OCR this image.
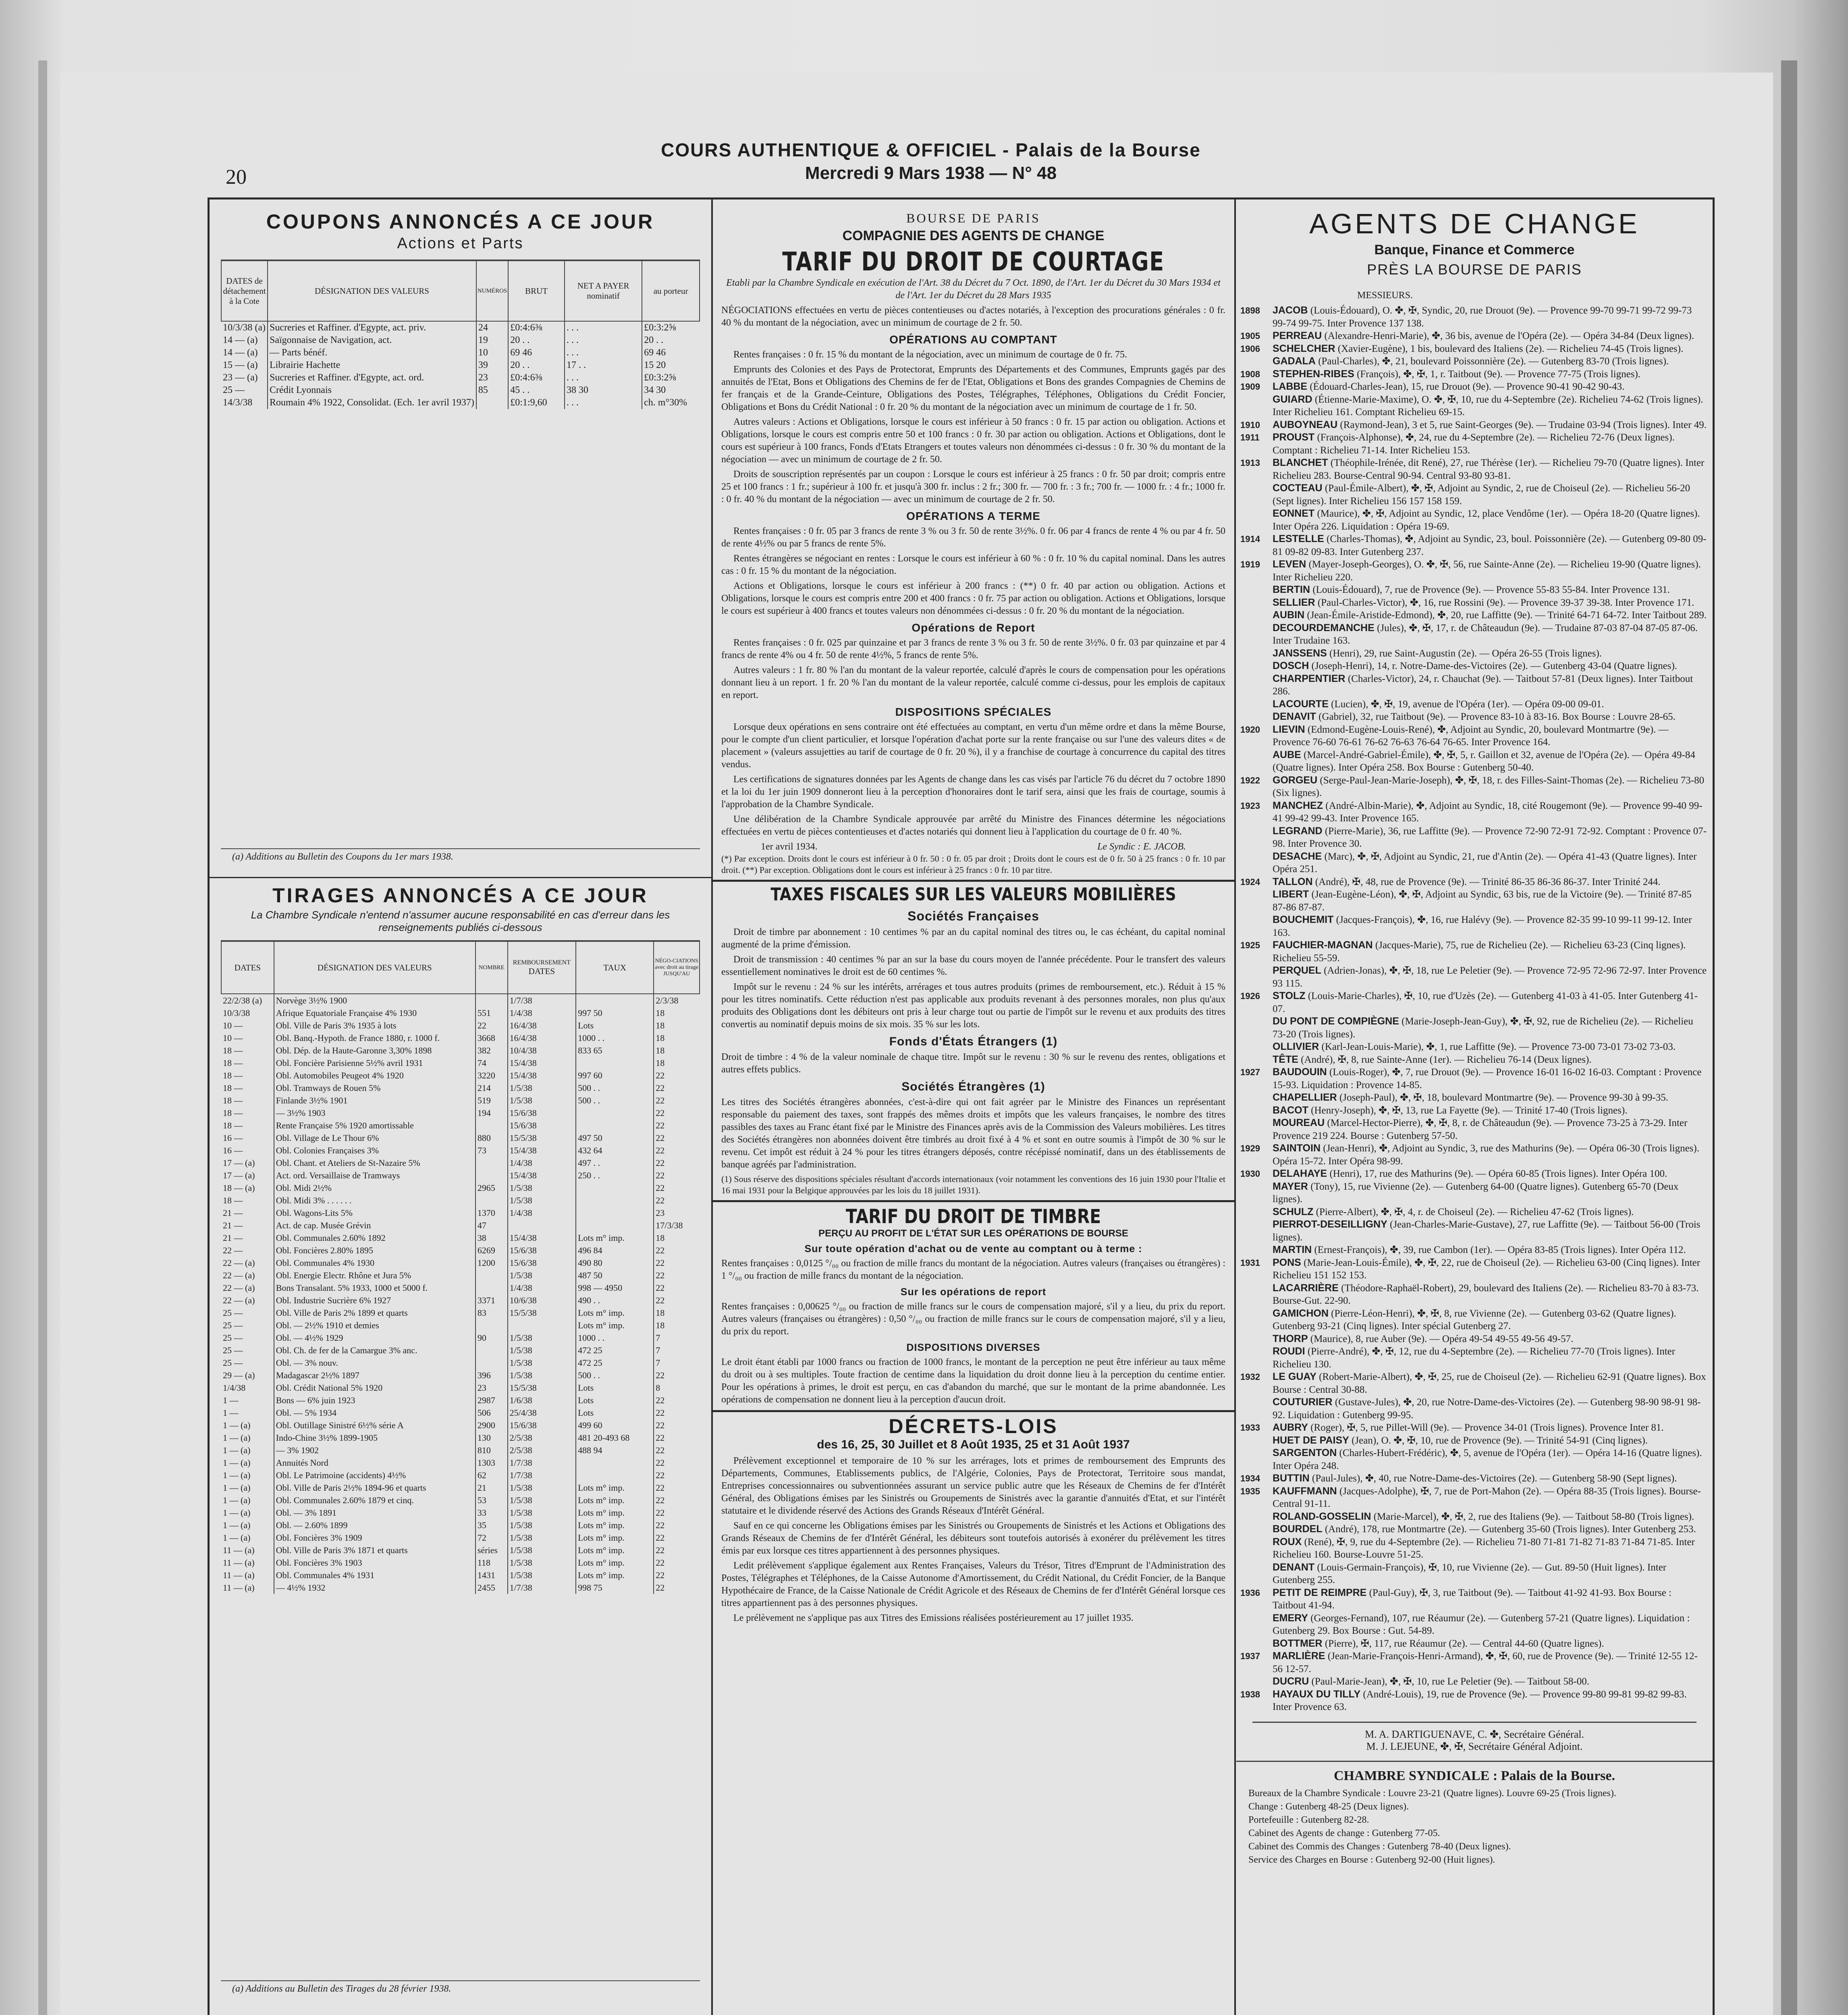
20
COURS AUTHENTIQUE & OFFICIEL - Palais de la Bourse
Mercredi 9 Mars 1938 — N° 48
COUPONS ANNONCÉS A CE JOUR
Actions et Parts
DATES de détachement à la Cote	DÉSIGNATION DES VALEURS	NUMÉROS	BRUT	NET A PAYER
nominatif	au porteur
10/3/38 (a)	Sucreries et Raffiner. d'Egypte, act. priv.	24	£0:4:6⅜	. . .	£0:3:2⅝
14 — (a)	Saïgonnaise de Navigation, act.	19	20 . .	. . .	20 . .
14 — (a)	— Parts bénéf.	10	69 46	. . .	69 46
15 — (a)	Librairie Hachette	39	20 . .	17 . .	15 20
23 — (a)	Sucreries et Raffiner. d'Egypte, act. ord.	23	£0:4:6⅜	. . .	£0:3:2⅝
25 —	Crédit Lyonnais	85	45 . .	38 30	34 30
14/3/38	Roumain 4% 1922, Consolidat. (Ech. 1er avril 1937)		£0:1:9,60	. . .	ch. m°30%
(a) Additions au Bulletin des Coupons du 1er mars 1938.
TIRAGES ANNONCÉS A CE JOUR
La Chambre Syndicale n'entend n'assumer aucune responsabilité en cas d'erreur dans les renseignements publiés ci-dessous
DATES	DÉSIGNATION DES VALEURS	NOMBRE	REMBOURSEMENT
DATES	TAUX	NÉGO-CIATIONS avec droit au tirage JUSQU'AU
22/2/38 (a)	Norvège 3½% 1900		1/7/38		2/3/38
10/3/38	Afrique Equatoriale Française 4% 1930	551	1/4/38	997 50	18
10 —	Obl. Ville de Paris 3% 1935 à lots	22	16/4/38	Lots	18
10 —	Obl. Banq.-Hypoth. de France 1880, r. 1000 f.	3668	16/4/38	1000 . .	18
18 —	Obl. Dép. de la Haute-Garonne 3,30% 1898	382	10/4/38	833 65	18
18 —	Obl. Foncière Parisienne 5½% avril 1931	74	15/4/38		18
18 —	Obl. Automobiles Peugeot 4% 1920	3220	15/4/38	997 60	22
18 —	Obl. Tramways de Rouen 5%	214	1/5/38	500 . .	22
18 —	Finlande 3½% 1901	519	1/5/38	500 . .	22
18 —	— 3½% 1903	194	15/6/38		22
18 —	Rente Française 5% 1920 amortissable		15/6/38		22
16 —	Obl. Village de Le Thour 6%	880	15/5/38	497 50	22
16 —	Obl. Colonies Françaises 3%	73	15/4/38	432 64	22
17 — (a)	Obl. Chant. et Ateliers de St-Nazaire 5%		1/4/38	497 . .	22
17 — (a)	Act. ord. Versaillaise de Tramways		15/4/38	250 . .	22
18 — (a)	Obl. Midi 2½%	2965	1/5/38		22
18 —	Obl. Midi 3% . . . . . .		1/5/38		22
21 —	Obl. Wagons-Lits 5%	1370	1/4/38		23
21 —	Act. de cap. Musée Grévin	47			17/3/38
21 —	Obl. Communales 2.60% 1892	38	15/4/38	Lots m° imp.	18
22 —	Obl. Foncières 2.80% 1895	6269	15/6/38	496 84	22
22 — (a)	Obl. Communales 4% 1930	1200	15/6/38	490 80	22
22 — (a)	Obl. Energie Electr. Rhône et Jura 5%		1/5/38	487 50	22
22 — (a)	Bons Transalant. 5% 1933, 1000 et 5000 f.		1/4/38	998 — 4950	22
22 — (a)	Obl. Industrie Sucrière 6% 1927	3371	10/6/38	490 . .	22
25 —	Obl. Ville de Paris 2% 1899 et quarts	83	15/5/38	Lots m° imp.	18
25 —	Obl. — 2½% 1910 et demies			Lots m° imp.	18
25 —	Obl. — 4½% 1929	90	1/5/38	1000 . .	7
25 —	Obl. Ch. de fer de la Camargue 3% anc.		1/5/38	472 25	7
25 —	Obl. — 3% nouv.		1/5/38	472 25	7
29 — (a)	Madagascar 2½% 1897	396	1/5/38	500 . .	22
1/4/38	Obl. Crédit National 5% 1920	23	15/5/38	Lots	8
1 —	Bons — 6% juin 1923	2987	1/6/38	Lots	22
1 —	Obl. — 5% 1934	506	25/4/38	Lots	22
1 — (a)	Obl. Outillage Sinistré 6½% série A	2900	15/6/38	499 60	22
1 — (a)	Indo-Chine 3½% 1899-1905	130	2/5/38	481 20-493 68	22
1 — (a)	— 3% 1902	810	2/5/38	488 94	22
1 — (a)	Annuités Nord	1303	1/7/38		22
1 — (a)	Obl. Le Patrimoine (accidents) 4½%	62	1/7/38		22
1 — (a)	Obl. Ville de Paris 2½% 1894-96 et quarts	21	1/5/38	Lots m° imp.	22
1 — (a)	Obl. Communales 2.60% 1879 et cinq.	53	1/5/38	Lots m° imp.	22
1 — (a)	Obl. — 3% 1891	33	1/5/38	Lots m° imp.	22
1 — (a)	Obl. — 2.60% 1899	35	1/5/38	Lots m° imp.	22
1 — (a)	Obl. Foncières 3% 1909	72	1/5/38	Lots m° imp.	22
11 — (a)	Obl. Ville de Paris 3% 1871 et quarts	séries	1/5/38	Lots m° imp.	22
11 — (a)	Obl. Foncières 3% 1903	118	1/5/38	Lots m° imp.	22
11 — (a)	Obl. Communales 4% 1931	1431	1/5/38	Lots m° imp.	22
11 — (a)	— 4½% 1932	2455	1/7/38	998 75	22
(a) Additions au Bulletin des Tirages du 28 février 1938.
BOURSE DE PARIS
COMPAGNIE DES AGENTS DE CHANGE
TARIF DU DROIT DE COURTAGE
Etabli par la Chambre Syndicale en exécution de l'Art. 38 du Décret du 7 Oct. 1890, de l'Art. 1er du Décret du 30 Mars 1934 et de l'Art. 1er du Décret du 28 Mars 1935
NÉGOCIATIONS effectuées en vertu de pièces contentieuses ou d'actes notariés, à l'exception des procurations générales : 0 fr. 40 % du montant de la négociation, avec un minimum de courtage de 2 fr. 50.
OPÉRATIONS AU COMPTANT

Rentes françaises : 0 fr. 15 % du montant de la négociation, avec un minimum de courtage de 0 fr. 75.

Emprunts des Colonies et des Pays de Protectorat, Emprunts des Départements et des Communes, Emprunts gagés par des annuités de l'Etat, Bons et Obligations des Chemins de fer de l'Etat, Obligations et Bons des grandes Compagnies de Chemins de fer français et de la Grande-Ceinture, Obligations des Postes, Télégraphes, Téléphones, Obligations du Crédit Foncier, Obligations et Bons du Crédit National : 0 fr. 20 % du montant de la négociation avec un minimum de courtage de 1 fr. 50.

Autres valeurs : Actions et Obligations, lorsque le cours est inférieur à 50 francs : 0 fr. 15 par action ou obligation. Actions et Obligations, lorsque le cours est compris entre 50 et 100 francs : 0 fr. 30 par action ou obligation. Actions et Obligations, dont le cours est supérieur à 100 francs, Fonds d'Etats Etrangers et toutes valeurs non dénommées ci-dessus : 0 fr. 30 % du montant de la négociation — avec un minimum de courtage de 2 fr. 50.

Droits de souscription représentés par un coupon : Lorsque le cours est inférieur à 25 francs : 0 fr. 50 par droit; compris entre 25 et 100 francs : 1 fr.; supérieur à 100 fr. et jusqu'à 300 fr. inclus : 2 fr.; 300 fr. — 700 fr. : 3 fr.; 700 fr. — 1000 fr. : 4 fr.; 1000 fr. : 0 fr. 40 % du montant de la négociation — avec un minimum de courtage de 2 fr. 50.

OPÉRATIONS A TERME

Rentes françaises : 0 fr. 05 par 3 francs de rente 3 % ou 3 fr. 50 de rente 3½%. 0 fr. 06 par 4 francs de rente 4 % ou par 4 fr. 50 de rente 4½% ou par 5 francs de rente 5%.

Rentes étrangères se négociant en rentes : Lorsque le cours est inférieur à 60 % : 0 fr. 10 % du capital nominal. Dans les autres cas : 0 fr. 15 % du montant de la négociation.

Actions et Obligations, lorsque le cours est inférieur à 200 francs : (**) 0 fr. 40 par action ou obligation. Actions et Obligations, lorsque le cours est compris entre 200 et 400 francs : 0 fr. 75 par action ou obligation. Actions et Obligations, lorsque le cours est supérieur à 400 francs et toutes valeurs non dénommées ci-dessus : 0 fr. 20 % du montant de la négociation.

Opérations de Report

Rentes françaises : 0 fr. 025 par quinzaine et par 3 francs de rente 3 % ou 3 fr. 50 de rente 3½%. 0 fr. 03 par quinzaine et par 4 francs de rente 4% ou 4 fr. 50 de rente 4½%, 5 francs de rente 5%.

Autres valeurs : 1 fr. 80 % l'an du montant de la valeur reportée, calculé d'après le cours de compensation pour les opérations donnant lieu à un report. 1 fr. 20 % l'an du montant de la valeur reportée, calculé comme ci-dessus, pour les emplois de capitaux en report.

DISPOSITIONS SPÉCIALES

Lorsque deux opérations en sens contraire ont été effectuées au comptant, en vertu d'un même ordre et dans la même Bourse, pour le compte d'un client particulier, et lorsque l'opération d'achat porte sur la rente française ou sur l'une des valeurs dites « de placement » (valeurs assujetties au tarif de courtage de 0 fr. 20 %), il y a franchise de courtage à concurrence du capital des titres vendus.

Les certifications de signatures données par les Agents de change dans les cas visés par l'article 76 du décret du 7 octobre 1890 et la loi du 1er juin 1909 donneront lieu à la perception d'honoraires dont le tarif sera, ainsi que les frais de courtage, soumis à l'approbation de la Chambre Syndicale.

Une délibération de la Chambre Syndicale approuvée par arrêté du Ministre des Finances détermine les négociations effectuées en vertu de pièces contentieuses et d'actes notariés qui donnent lieu à l'application du courtage de 0 fr. 40 %.

1er avril 1934.	Le Syndic : E. JACOB.
(*) Par exception. Droits dont le cours est inférieur à 0 fr. 50 : 0 fr. 05 par droit ; Droits dont le cours est de 0 fr. 50 à 25 francs : 0 fr. 10 par droit. (**) Par exception. Obligations dont le cours est inférieur à 25 francs : 0 fr. 10 par titre.
TAXES FISCALES SUR LES VALEURS MOBILIÈRES
Sociétés Françaises

Droit de timbre par abonnement : 10 centimes % par an du capital nominal des titres ou, le cas échéant, du capital nominal augmenté de la prime d'émission.

Droit de transmission : 40 centimes % par an sur la base du cours moyen de l'année précédente. Pour le transfert des valeurs essentiellement nominatives le droit est de 60 centimes %.

Impôt sur le revenu : 24 % sur les intérêts, arrérages et tous autres produits (primes de remboursement, etc.). Réduit à 15 % pour les titres nominatifs. Cette réduction n'est pas applicable aux produits revenant à des personnes morales, non plus qu'aux produits des Obligations dont les débiteurs ont pris à leur charge tout ou partie de l'impôt sur le revenu et aux produits des titres convertis au nominatif depuis moins de six mois. 35 % sur les lots.

Fonds d'États Étrangers (1)
Droit de timbre : 4 % de la valeur nominale de chaque titre. Impôt sur le revenu : 30 % sur le revenu des rentes, obligations et autres effets publics.
Sociétés Étrangères (1)
Les titres des Sociétés étrangères abonnées, c'est-à-dire qui ont fait agréer par le Ministre des Finances un représentant responsable du paiement des taxes, sont frappés des mêmes droits et impôts que les valeurs françaises, le nombre des titres passibles des taxes au Franc étant fixé par le Ministre des Finances après avis de la Commission des Valeurs mobilières. Les titres des Sociétés étrangères non abonnées doivent être timbrés au droit fixé à 4 % et sont en outre soumis à l'impôt de 30 % sur le revenu. Cet impôt est réduit à 24 % pour les titres étrangers déposés, contre récépissé nominatif, dans un des établissements de banque agréés par l'administration.
(1) Sous réserve des dispositions spéciales résultant d'accords internationaux (voir notamment les conventions des 16 juin 1930 pour l'Italie et 16 mai 1931 pour la Belgique approuvées par les lois du 18 juillet 1931).
TARIF DU DROIT DE TIMBRE
PERÇU AU PROFIT DE L'ÉTAT SUR LES OPÉRATIONS DE BOURSE
Sur toute opération d'achat ou de vente au comptant ou à terme :
Rentes françaises : 0,0125 °/₀₀ ou fraction de mille francs du montant de la négociation. Autres valeurs (françaises ou étrangères) : 1 °/₀₀ ou fraction de mille francs du montant de la négociation.
Sur les opérations de report
Rentes françaises : 0,00625 °/₀₀ ou fraction de mille francs sur le cours de compensation majoré, s'il y a lieu, du prix du report. Autres valeurs (françaises ou étrangères) : 0,50 °/₀₀ ou fraction de mille francs sur le cours de compensation majoré, s'il y a lieu, du prix du report.
DISPOSITIONS DIVERSES
Le droit étant établi par 1000 francs ou fraction de 1000 francs, le montant de la perception ne peut être inférieur au taux même du droit ou à ses multiples. Toute fraction de centime dans la liquidation du droit donne lieu à la perception du centime entier. Pour les opérations à primes, le droit est perçu, en cas d'abandon du marché, que sur le montant de la prime abandonnée. Les opérations de compensation ne donnent lieu à la perception d'aucun droit.
DÉCRETS-LOIS
des 16, 25, 30 Juillet et 8 Août 1935, 25 et 31 Août 1937

Prélèvement exceptionnel et temporaire de 10 % sur les arrérages, lots et primes de remboursement des Emprunts des Départements, Communes, Etablissements publics, de l'Algérie, Colonies, Pays de Protectorat, Territoire sous mandat, Entreprises concessionnaires ou subventionnées assurant un service public autre que les Réseaux de Chemins de fer d'Intérêt Général, des Obligations émises par les Sinistrés ou Groupements de Sinistrés avec la garantie d'annuités d'Etat, et sur l'intérêt statutaire et le dividende réservé des Actions des Grands Réseaux d'Intérêt Général.

Sauf en ce qui concerne les Obligations émises par les Sinistrés ou Groupements de Sinistrés et les Actions et Obligations des Grands Réseaux de Chemins de fer d'Intérêt Général, les débiteurs sont toutefois autorisés à exonérer du prélèvement les titres émis par eux lorsque ces titres appartiennent à des personnes physiques.

Ledit prélèvement s'applique également aux Rentes Françaises, Valeurs du Trésor, Titres d'Emprunt de l'Administration des Postes, Télégraphes et Téléphones, de la Caisse Autonome d'Amortissement, du Crédit National, du Crédit Foncier, de la Banque Hypothécaire de France, de la Caisse Nationale de Crédit Agricole et des Réseaux de Chemins de fer d'Intérêt Général lorsque ces titres appartiennent pas à des personnes physiques.

Le prélèvement ne s'applique pas aux Titres des Emissions réalisées postérieurement au 17 juillet 1935.

AGENTS DE CHANGE
Banque, Finance et Commerce
PRÈS LA BOURSE DE PARIS
MESSIEURS.
1898	JACOB (Louis-Édouard), O. ✤, ✠, Syndic, 20, rue Drouot (9e). — Provence 99-70 99-71 99-72 99-73 99-74 99-75. Inter Provence 137 138.
1905	PERREAU (Alexandre-Henri-Marie), ✤, 36 bis, avenue de l'Opéra (2e). — Opéra 34-84 (Deux lignes).
1906	SCHELCHER (Xavier-Eugène), 1 bis, boulevard des Italiens (2e). — Richelieu 74-45 (Trois lignes).
GADALA (Paul-Charles), ✤, 21, boulevard Poissonnière (2e). — Gutenberg 83-70 (Trois lignes).
1908	STEPHEN-RIBES (François), ✤, ✠, 1, r. Taitbout (9e). — Provence 77-75 (Trois lignes).
1909	LABBE (Édouard-Charles-Jean), 15, rue Drouot (9e). — Provence 90-41 90-42 90-43.
GUIARD (Étienne-Marie-Maxime), O. ✤, ✠, 10, rue du 4-Septembre (2e). Richelieu 74-62 (Trois lignes). Inter Richelieu 161. Comptant Richelieu 69-15.
1910	AUBOYNEAU (Raymond-Jean), 3 et 5, rue Saint-Georges (9e). — Trudaine 03-94 (Trois lignes). Inter 49.
1911	PROUST (François-Alphonse), ✤, 24, rue du 4-Septembre (2e). — Richelieu 72-76 (Deux lignes). Comptant : Richelieu 71-14. Inter Richelieu 153.
1913	BLANCHET (Théophile-Irénée, dit René), 27, rue Thérèse (1er). — Richelieu 79-70 (Quatre lignes). Inter Richelieu 283. Bourse-Central 90-94. Central 93-80 93-81.
COCTEAU (Paul-Émile-Albert), ✤, ✠, Adjoint au Syndic, 2, rue de Choiseul (2e). — Richelieu 56-20 (Sept lignes). Inter Richelieu 156 157 158 159.
EONNET (Maurice), ✤, ✠, Adjoint au Syndic, 12, place Vendôme (1er). — Opéra 18-20 (Quatre lignes). Inter Opéra 226. Liquidation : Opéra 19-69.
1914	LESTELLE (Charles-Thomas), ✤, Adjoint au Syndic, 23, boul. Poissonnière (2e). — Gutenberg 09-80 09-81 09-82 09-83. Inter Gutenberg 237.
1919	LEVEN (Mayer-Joseph-Georges), O. ✤, ✠, 56, rue Sainte-Anne (2e). — Richelieu 19-90 (Quatre lignes). Inter Richelieu 220.
BERTIN (Louis-Édouard), 7, rue de Provence (9e). — Provence 55-83 55-84. Inter Provence 131.
SELLIER (Paul-Charles-Victor), ✤, 16, rue Rossini (9e). — Provence 39-37 39-38. Inter Provence 171.
AUBIN (Jean-Émile-Aristide-Edmond), ✤, 20, rue Laffitte (9e). — Trinité 64-71 64-72. Inter Taitbout 289.
DECOURDEMANCHE (Jules), ✤, ✠, 17, r. de Châteaudun (9e). — Trudaine 87-03 87-04 87-05 87-06. Inter Trudaine 163.
JANSSENS (Henri), 29, rue Saint-Augustin (2e). — Opéra 26-55 (Trois lignes).
DOSCH (Joseph-Henri), 14, r. Notre-Dame-des-Victoires (2e). — Gutenberg 43-04 (Quatre lignes).
CHARPENTIER (Charles-Victor), 24, r. Chauchat (9e). — Taitbout 57-81 (Deux lignes). Inter Taitbout 286.
LACOURTE (Lucien), ✤, ✠, 19, avenue de l'Opéra (1er). — Opéra 09-00 09-01.
DENAVIT (Gabriel), 32, rue Taitbout (9e). — Provence 83-10 à 83-16. Box Bourse : Louvre 28-65.
1920	LIEVIN (Edmond-Eugène-Louis-René), ✤, Adjoint au Syndic, 20, boulevard Montmartre (9e). — Provence 76-60 76-61 76-62 76-63 76-64 76-65. Inter Provence 164.
AUBE (Marcel-André-Gabriel-Émile), ✤, ✠, 5, r. Gaillon et 32, avenue de l'Opéra (2e). — Opéra 49-84 (Quatre lignes). Inter Opéra 258. Box Bourse : Gutenberg 50-40.
1922	GORGEU (Serge-Paul-Jean-Marie-Joseph), ✤, ✠, 18, r. des Filles-Saint-Thomas (2e). — Richelieu 73-80 (Six lignes).
1923	MANCHEZ (André-Albin-Marie), ✤, Adjoint au Syndic, 18, cité Rougemont (9e). — Provence 99-40 99-41 99-42 99-43. Inter Provence 165.
LEGRAND (Pierre-Marie), 36, rue Laffitte (9e). — Provence 72-90 72-91 72-92. Comptant : Provence 07-98. Inter Provence 30.
DESACHE (Marc), ✤, ✠, Adjoint au Syndic, 21, rue d'Antin (2e). — Opéra 41-43 (Quatre lignes). Inter Opéra 251.
1924	TALLON (André), ✠, 48, rue de Provence (9e). — Trinité 86-35 86-36 86-37. Inter Trinité 244.
LIBERT (Jean-Eugène-Léon), ✤, ✠, Adjoint au Syndic, 63 bis, rue de la Victoire (9e). — Trinité 87-85 87-86 87-87.
BOUCHEMIT (Jacques-François), ✤, 16, rue Halévy (9e). — Provence 82-35 99-10 99-11 99-12. Inter 163.
1925	FAUCHIER-MAGNAN (Jacques-Marie), 75, rue de Richelieu (2e). — Richelieu 63-23 (Cinq lignes). Richelieu 55-59.
PERQUEL (Adrien-Jonas), ✤, ✠, 18, rue Le Peletier (9e). — Provence 72-95 72-96 72-97. Inter Provence 93 115.
1926	STOLZ (Louis-Marie-Charles), ✠, 10, rue d'Uzès (2e). — Gutenberg 41-03 à 41-05. Inter Gutenberg 41-07.
DU PONT DE COMPIÈGNE (Marie-Joseph-Jean-Guy), ✤, ✠, 92, rue de Richelieu (2e). — Richelieu 73-20 (Trois lignes).
OLLIVIER (Karl-Jean-Louis-Marie), ✤, 1, rue Laffitte (9e). — Provence 73-00 73-01 73-02 73-03.
TÊTE (André), ✠, 8, rue Sainte-Anne (1er). — Richelieu 76-14 (Deux lignes).
1927	BAUDOUIN (Louis-Roger), ✤, 7, rue Drouot (9e). — Provence 16-01 16-02 16-03. Comptant : Provence 15-93. Liquidation : Provence 14-85.
CHAPELLIER (Joseph-Paul), ✤, ✠, 18, boulevard Montmartre (9e). — Provence 99-30 à 99-35.
BACOT (Henry-Joseph), ✤, ✠, 13, rue La Fayette (9e). — Trinité 17-40 (Trois lignes).
MOUREAU (Marcel-Hector-Pierre), ✤, ✠, 8, r. de Châteaudun (9e). — Provence 73-25 à 73-29. Inter Provence 219 224. Bourse : Gutenberg 57-50.
1929	SAINTOIN (Jean-Henri), ✤, Adjoint au Syndic, 3, rue des Mathurins (9e). — Opéra 06-30 (Trois lignes). Opéra 15-72. Inter Opéra 98-99.
1930	DELAHAYE (Henri), 17, rue des Mathurins (9e). — Opéra 60-85 (Trois lignes). Inter Opéra 100.
MAYER (Tony), 15, rue Vivienne (2e). — Gutenberg 64-00 (Quatre lignes). Gutenberg 65-70 (Deux lignes).
SCHULZ (Pierre-Albert), ✤, ✠, 4, r. de Choiseul (2e). — Richelieu 47-62 (Trois lignes).
PIERROT-DESEILLIGNY (Jean-Charles-Marie-Gustave), 27, rue Laffitte (9e). — Taitbout 56-00 (Trois lignes).
MARTIN (Ernest-François), ✤, 39, rue Cambon (1er). — Opéra 83-85 (Trois lignes). Inter Opéra 112.
1931	PONS (Marie-Jean-Louis-Émile), ✤, ✠, 22, rue de Choiseul (2e). — Richelieu 63-00 (Cinq lignes). Inter Richelieu 151 152 153.
LACARRIÈRE (Théodore-Raphaël-Robert), 29, boulevard des Italiens (2e). — Richelieu 83-70 à 83-73. Bourse-Gut. 22-90.
GAMICHON (Pierre-Léon-Henri), ✤, ✠, 8, rue Vivienne (2e). — Gutenberg 03-62 (Quatre lignes). Gutenberg 93-21 (Cinq lignes). Inter spécial Gutenberg 27.
THORP (Maurice), 8, rue Auber (9e). — Opéra 49-54 49-55 49-56 49-57.
ROUDI (Pierre-André), ✤, ✠, 12, rue du 4-Septembre (2e). — Richelieu 77-70 (Trois lignes). Inter Richelieu 130.
1932	LE GUAY (Robert-Marie-Albert), ✤, ✠, 25, rue de Choiseul (2e). — Richelieu 62-91 (Quatre lignes). Box Bourse : Central 30-88.
COUTURIER (Gustave-Jules), ✤, 20, rue Notre-Dame-des-Victoires (2e). — Gutenberg 98-90 98-91 98-92. Liquidation : Gutenberg 99-95.
1933	AUBRY (Roger), ✠, 5, rue Pillet-Will (9e). — Provence 34-01 (Trois lignes). Provence Inter 81.
HUET DE PAISY (Jean), O. ✤, ✠, 10, rue de Provence (9e). — Trinité 54-91 (Cinq lignes).
SARGENTON (Charles-Hubert-Frédéric), ✤, 5, avenue de l'Opéra (1er). — Opéra 14-16 (Quatre lignes). Inter Opéra 248.
1934	BUTTIN (Paul-Jules), ✤, 40, rue Notre-Dame-des-Victoires (2e). — Gutenberg 58-90 (Sept lignes).
1935	KAUFFMANN (Jacques-Adolphe), ✠, 7, rue de Port-Mahon (2e). — Opéra 88-35 (Trois lignes). Bourse-Central 91-11.
ROLAND-GOSSELIN (Marie-Marcel), ✤, ✠, 2, rue des Italiens (9e). — Taitbout 58-80 (Trois lignes).
BOURDEL (André), 178, rue Montmartre (2e). — Gutenberg 35-60 (Trois lignes). Inter Gutenberg 253.
ROUX (René), ✠, 9, rue du 4-Septembre (2e). — Richelieu 71-80 71-81 71-82 71-83 71-84 71-85. Inter Richelieu 160. Bourse-Louvre 51-25.
DENANT (Louis-Germain-François), ✠, 10, rue Vivienne (2e). — Gut. 89-50 (Huit lignes). Inter Gutenberg 255.
1936	PETIT DE REIMPRE (Paul-Guy), ✠, 3, rue Taitbout (9e). — Taitbout 41-92 41-93. Box Bourse : Taitbout 41-94.
EMERY (Georges-Fernand), 107, rue Réaumur (2e). — Gutenberg 57-21 (Quatre lignes). Liquidation : Gutenberg 29. Box Bourse : Gut. 54-89.
BOTTMER (Pierre), ✠, 117, rue Réaumur (2e). — Central 44-60 (Quatre lignes).
1937	MARLIÈRE (Jean-Marie-François-Henri-Armand), ✤, ✠, 60, rue de Provence (9e). — Trinité 12-55 12-56 12-57.
DUCRU (Paul-Marie-Jean), ✤, ✠, 10, rue Le Peletier (9e). — Taitbout 58-00.
1938	HAYAUX DU TILLY (André-Louis), 19, rue de Provence (9e). — Provence 99-80 99-81 99-82 99-83. Inter Provence 63.
M. A. DARTIGUENAVE, C. ✤, Secrétaire Général.
M. J. LEJEUNE, ✤, ✠, Secrétaire Général Adjoint.
CHAMBRE SYNDICALE : Palais de la Bourse.
Bureaux de la Chambre Syndicale : Louvre 23-21 (Quatre lignes). Louvre 69-25 (Trois lignes).
Change : Gutenberg 48-25 (Deux lignes).
Portefeuille : Gutenberg 82-28.
Cabinet des Agents de change : Gutenberg 77-05.
Cabinet des Commis des Changes : Gutenberg 78-40 (Deux lignes).
Service des Charges en Bourse : Gutenberg 92-00 (Huit lignes).
